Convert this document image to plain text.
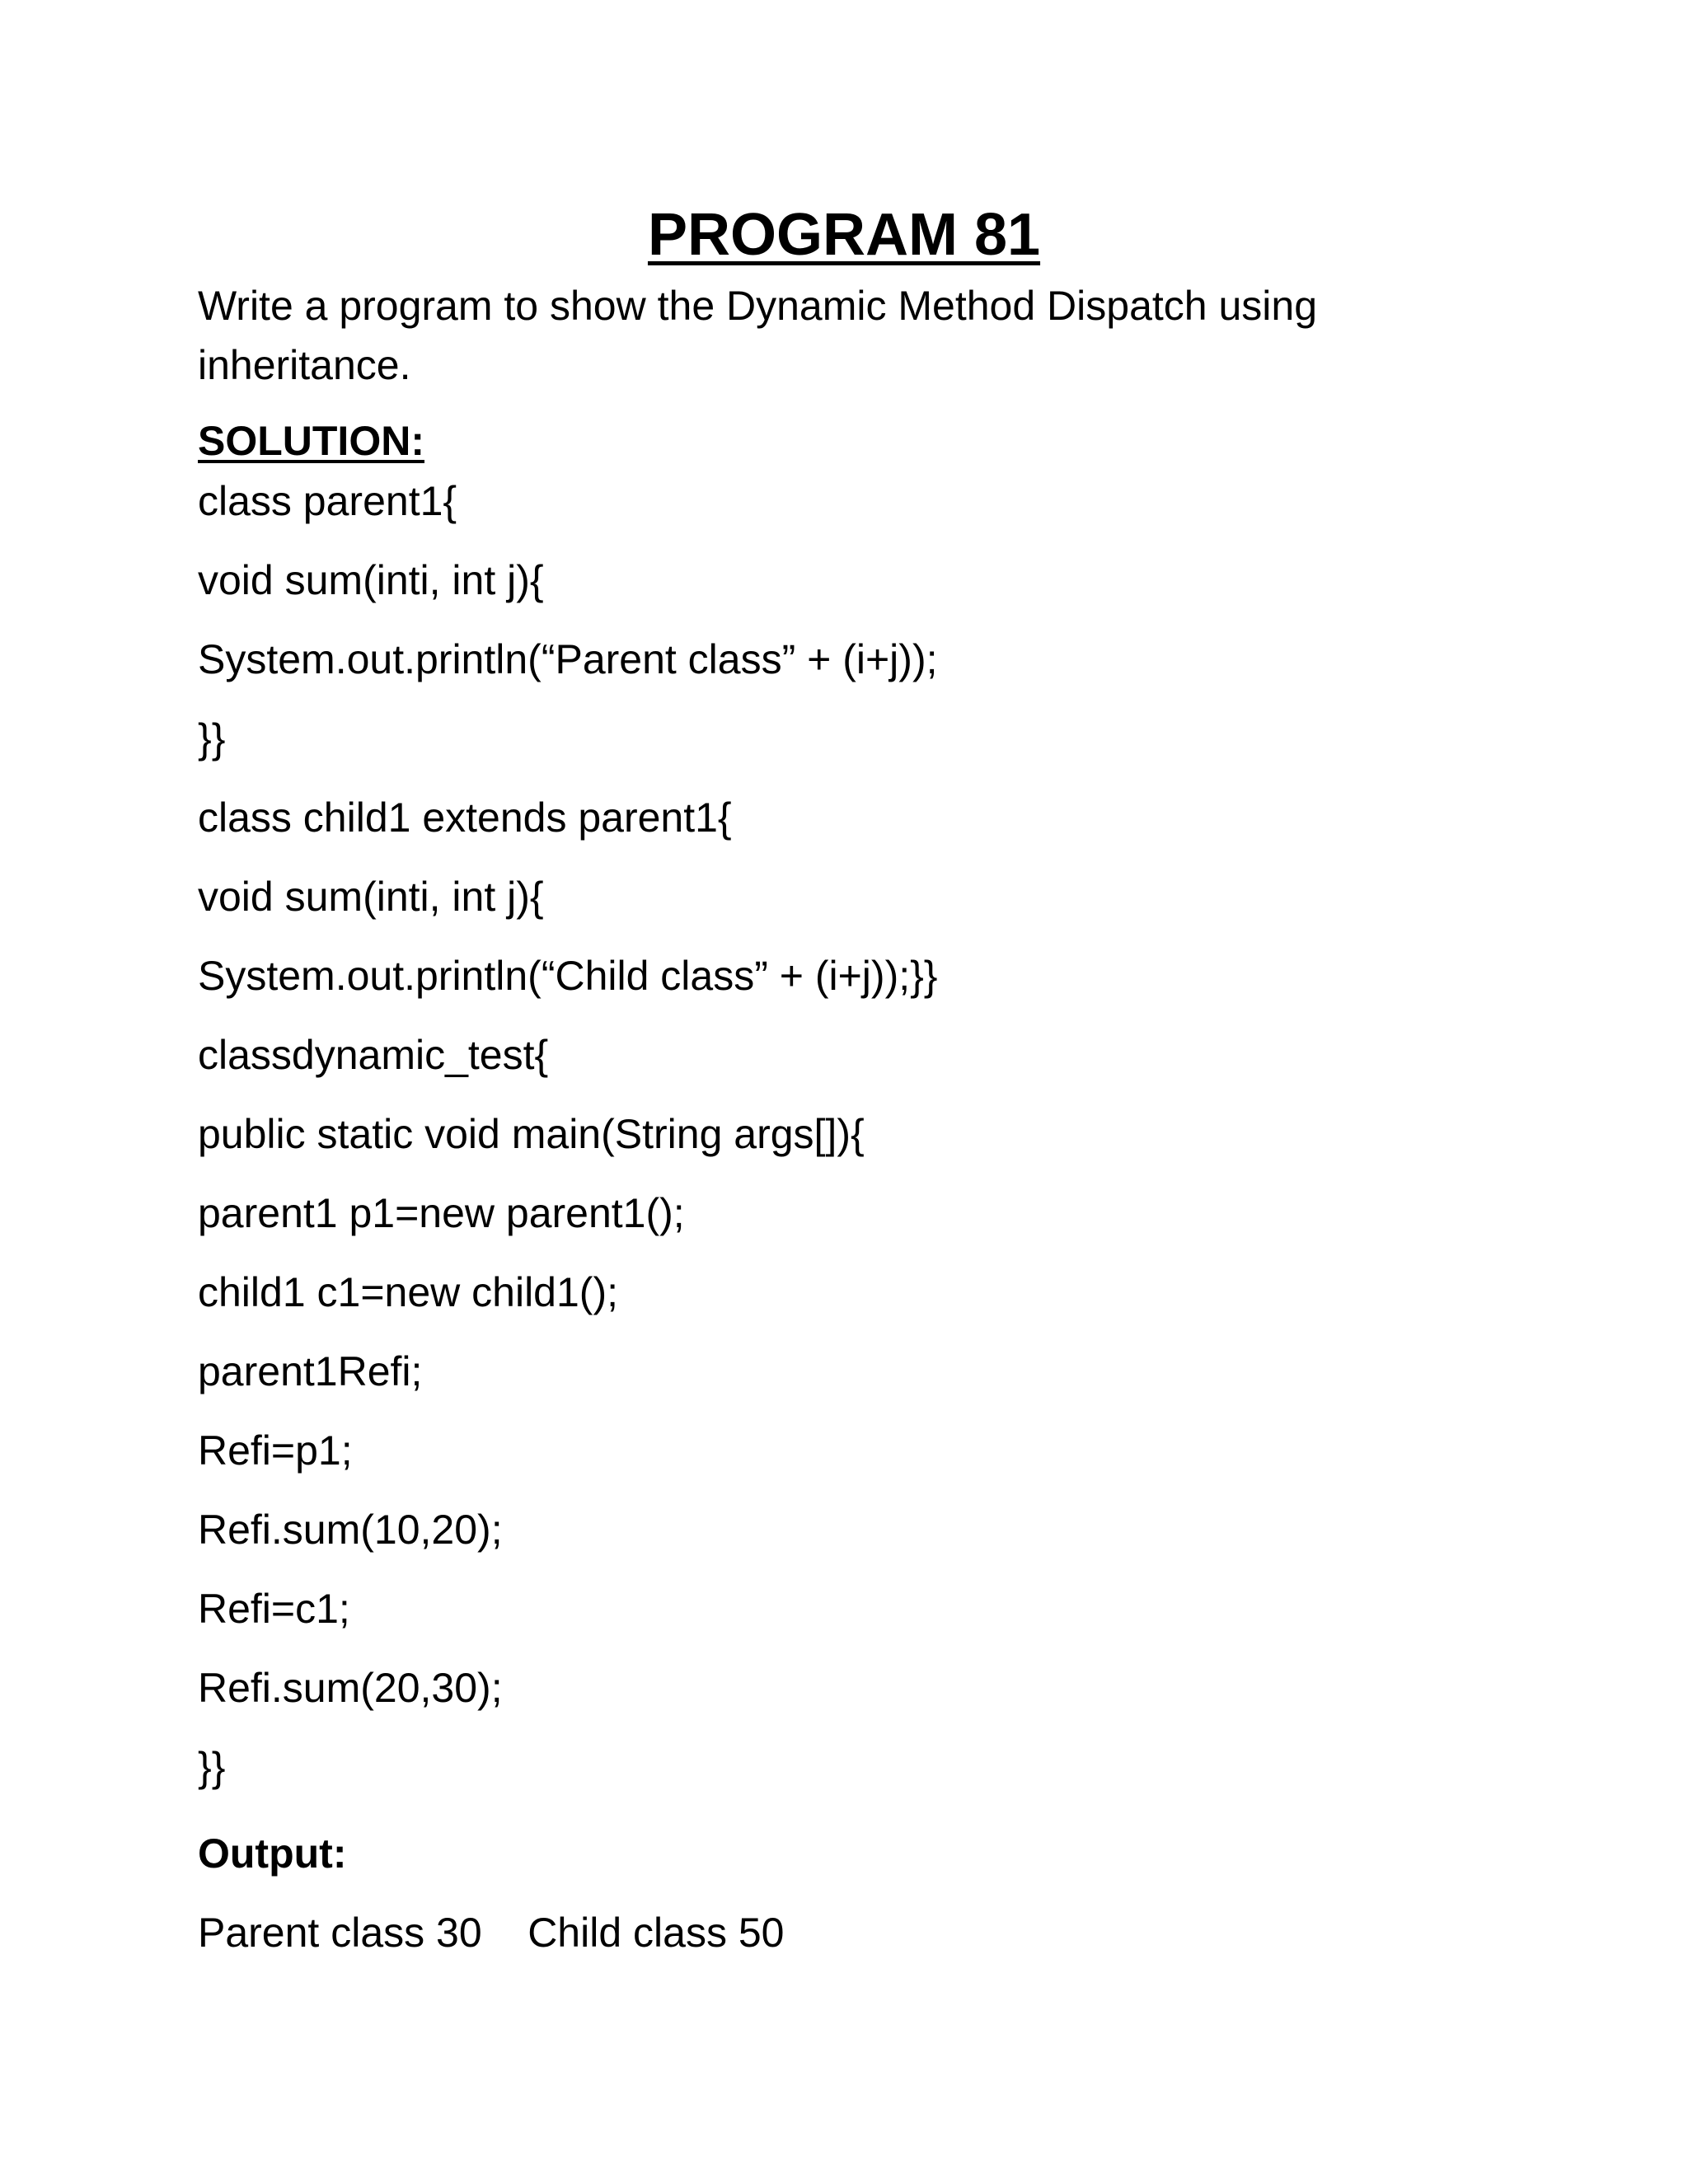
PROGRAM 81
Write a program to show the Dynamic Method Dispatch using inheritance.
SOLUTION:
class parent1{
void sum(inti, int j){
System.out.println(“Parent class” + (i+j));
}}
class child1 extends parent1{
void sum(inti, int j){
System.out.println(“Child class” + (i+j));}}
classdynamic_test{
public static void main(String args[]){
parent1 p1=new parent1();
child1 c1=new child1();
parent1Refi;
Refi=p1;
Refi.sum(10,20);
Refi=c1;
Refi.sum(20,30);
}}
Output:
Parent class 30    Child class 50
